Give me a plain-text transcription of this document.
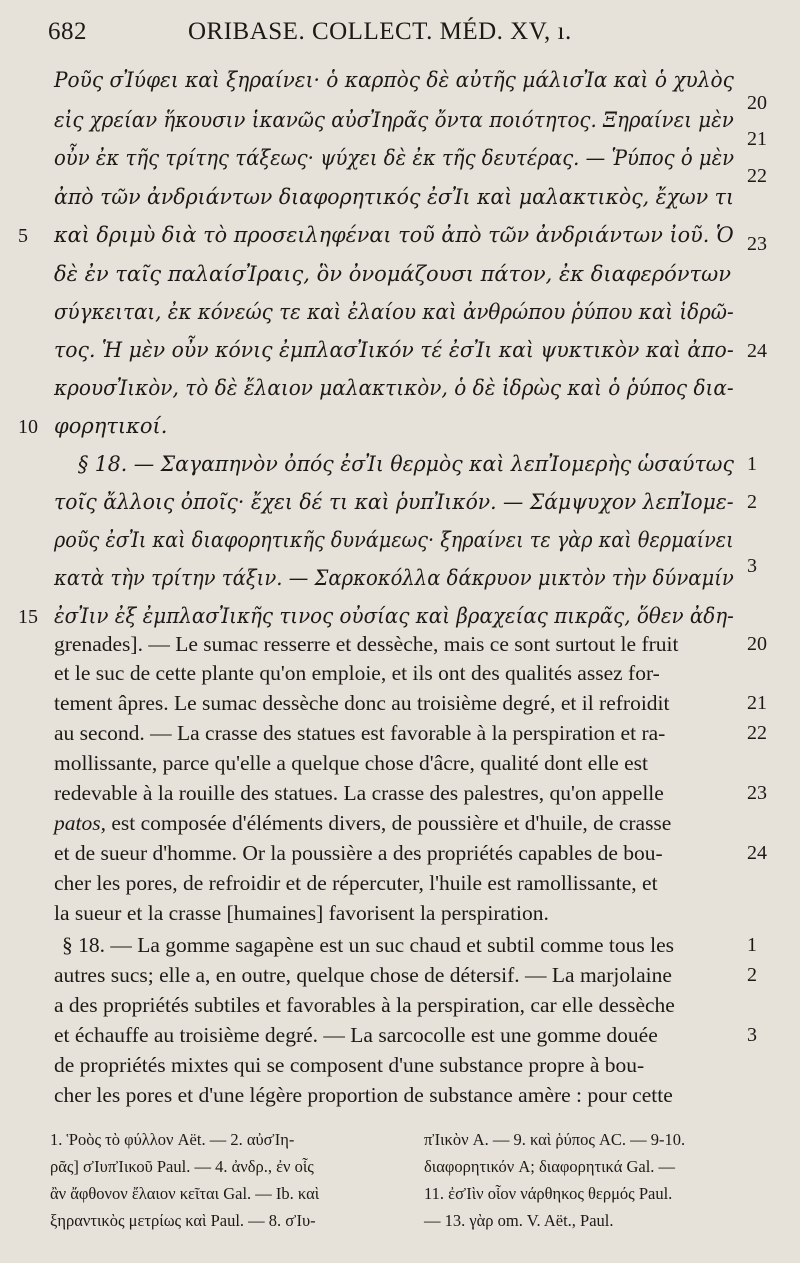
682	ORIBASE. COLLECT. MÉD. XV, ı.
Ροῦς σἸύφει καὶ ξηραίνει· ὁ καρπὸς δὲ αὐτῆς μάλισἸα καὶ ὁ χυλὸς
εἰς χρείαν ἥκουσιν ἱκανῶς αὐσἸηρᾶς ὄντα ποιότητος. Ξηραίνει μὲν
οὖν ἐκ τῆς τρίτης τάξεως· ψύχει δὲ ἐκ τῆς δευτέρας. — Ῥύπος ὁ μὲν
ἀπὸ τῶν ἀνδριάντων διαφορητικός ἐσἸι καὶ μαλακτικὸς, ἔχων τι
καὶ δριμὺ διὰ τὸ προσειληφέναι τοῦ ἀπὸ τῶν ἀνδριάντων ἰοῦ. Ὁ
δὲ ἐν ταῖς παλαίσἸραις, ὃν ὀνομάζουσι πάτον, ἐκ διαφερόντων
σύγκειται, ἐκ κόνεώς τε καὶ ἐλαίου καὶ ἀνθρώπου ῥύπου καὶ ἱδρῶ-
τος. Ἡ μὲν οὖν κόνις ἐμπλασἸικόν τέ ἐσἸι καὶ ψυκτικὸν καὶ ἀπο-
κρουσἸικὸν, τὸ δὲ ἔλαιον μαλακτικὸν, ὁ δὲ ἱδρὼς καὶ ὁ ῥύπος δια-
φορητικοί.
§ 18. — Σαγαπηνὸν ὀπός ἐσἸι θερμὸς καὶ λεπἸομερὴς ὡσαύτως
τοῖς ἄλλοις ὀποῖς· ἔχει δέ τι καὶ ῥυπἸικόν. — Σάμψυχον λεπἸομε-
ροῦς ἐσἸι καὶ διαφορητικῆς δυνάμεως· ξηραίνει τε γὰρ καὶ θερμαίνει
κατὰ τὴν τρίτην τάξιν. — Σαρκοκόλλα δάκρυον μικτὸν τὴν δύναμίν
ἐσἸιν ἐξ ἐμπλασἸικῆς τινος οὐσίας καὶ βραχείας πικρᾶς, ὅθεν ἀδη-
5
10
15
20
21
22
23
24
1
2
3
grenades]. — Le sumac resserre et dessèche, mais ce sont surtout le fruit
et le suc de cette plante qu'on emploie, et ils ont des qualités assez for-
tement âpres. Le sumac dessèche donc au troisième degré, et il refroidit
au second. — La crasse des statues est favorable à la perspiration et ra-
mollissante, parce qu'elle a quelque chose d'âcre, qualité dont elle est
redevable à la rouille des statues. La crasse des palestres, qu'on appelle
patos, est composée d'éléments divers, de poussière et d'huile, de crasse
et de sueur d'homme. Or la poussière a des propriétés capables de bou-
cher les pores, de refroidir et de répercuter, l'huile est ramollissante, et
la sueur et la crasse [humaines] favorisent la perspiration.
§ 18. — La gomme sagapène est un suc chaud et subtil comme tous les
autres sucs; elle a, en outre, quelque chose de détersif. — La marjolaine
a des propriétés subtiles et favorables à la perspiration, car elle dessèche
et échauffe au troisième degré. — La sarcocolle est une gomme douée
de propriétés mixtes qui se composent d'une substance propre à bou-
cher les pores et d'une légère proportion de substance amère : pour cette
20
21
22
23
24
1
2
3
1. Ῥοὸς τὸ φύλλον Aët. — 2. αὐσἸη-
ρᾶς] σἸυπἸικοῦ Paul. — 4. ἀνδρ., ἐν οἷς
ἂν ἄφθονον ἔλαιον κεῖται Gal. — Ib. καὶ
ξηραντικὸς μετρίως καὶ Paul. — 8. σἸυ-
πἸικὸν A. — 9. καὶ ῥύπος AC. — 9-10.
διαφορητικόν A; διαφορητικά Gal. —
11. ἐσἸὶν οἷον νάρθηκος θερμός Paul.
— 13. γὰρ om. V. Aët., Paul.
